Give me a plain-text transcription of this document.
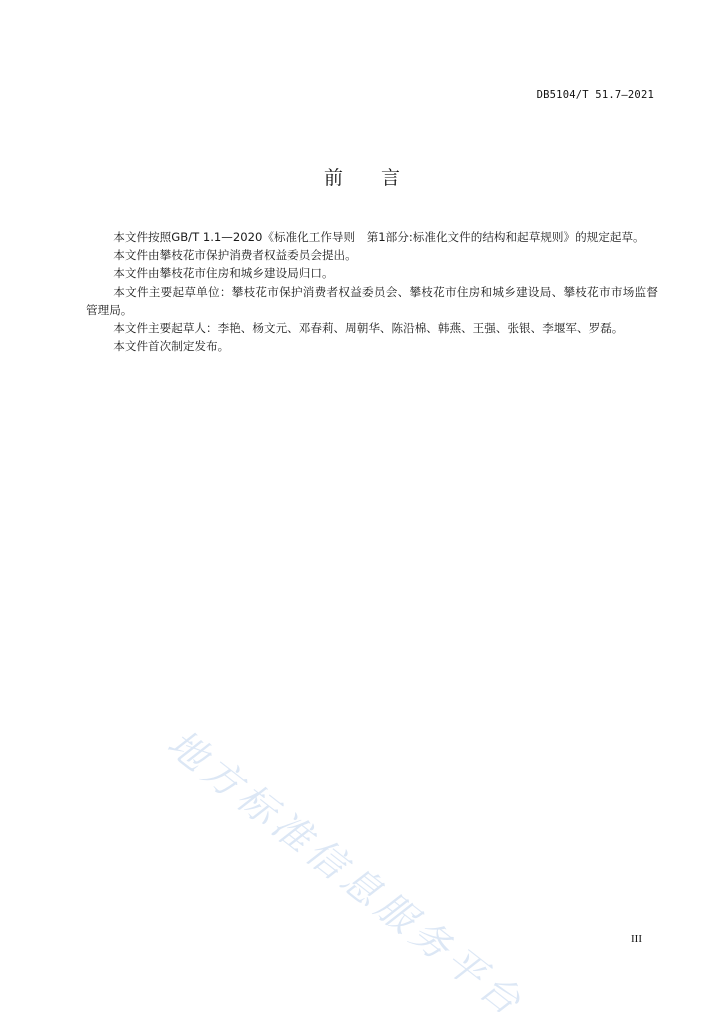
DB5104/T 51.7—2021
前 言

本文件按照GB/T 1.1—2020《标准化工作导则　第1部分:标准化文件的结构和起草规则》的规定起草。

本文件由攀枝花市保护消费者权益委员会提出。

本文件由攀枝花市住房和城乡建设局归口。

本文件主要起草单位：攀枝花市保护消费者权益委员会、攀枝花市住房和城乡建设局、攀枝花市市场监督管理局。

本文件主要起草人：李艳、杨文元、邓春莉、周朝华、陈沿棉、韩燕、王强、张银、李堰军、罗磊。

本文件首次制定发布。

地方标准信息服务平台	III
